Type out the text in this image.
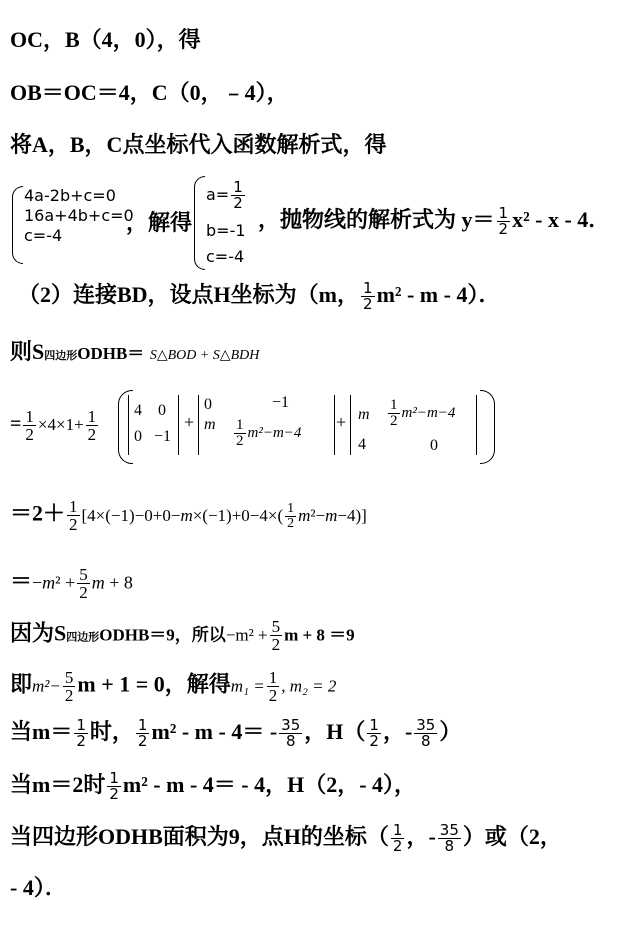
OC，B（4，0），得
OB＝OC＝4，C（0，﹣4），
将A，B，C点坐标代入函数解析式，得
4a-2b+c=0
16a+4b+c=0
c=-4
，解得
$a= \frac{1}{2}$
b=-1
c=-4
，抛物线的解析式为 $y= \frac{1}{2} x^2 - x - 4$．
（2）连接BD，设点H坐标为（m， $\frac{1}{2} m^2$ - m - 4）．
则S四边形ODHB＝ S△BOD + S△BDH
= $\frac{1}{2} \times 4\times 1+ \frac{1}{2} 4$    0
0   −1
+
0
m
−1
$\frac{1}{2} m^2-m-4$
+ m
4
$\frac{1}{2} m^2-m-4$
0
$=2+ \frac{1}{2} [4\times(-1)-0+0-m\times(-1)+0-4\times( \frac{1}{2} m^2-m-4)]$
$=-m^2 + \frac{5}{2}$ m + 8
因为S四边形ODHB＝9，所以$-m^2 + \frac{5}{2}$ m + 8 ＝9
即$m^2- \frac{5}{2}$ m + 1 = 0，解得$m_1 = \frac{1}{2}$ , m₂ = 2
当$m= \frac{1}{2}$ 时， $\frac{1}{2} m^2 - m - 4= - \frac{35}{8}$ ，$H( \frac{1}{2}$ ，- $\frac{35}{8}$ ）
当m＝2时 $\frac{1}{2} m^2 - m - 4= - 4$，H（2，- 4），
当四边形ODHB面积为9，点H的坐标（ $\frac{1}{2}$ ，- $\frac{35}{8}$ ）或（2，
- 4）．
